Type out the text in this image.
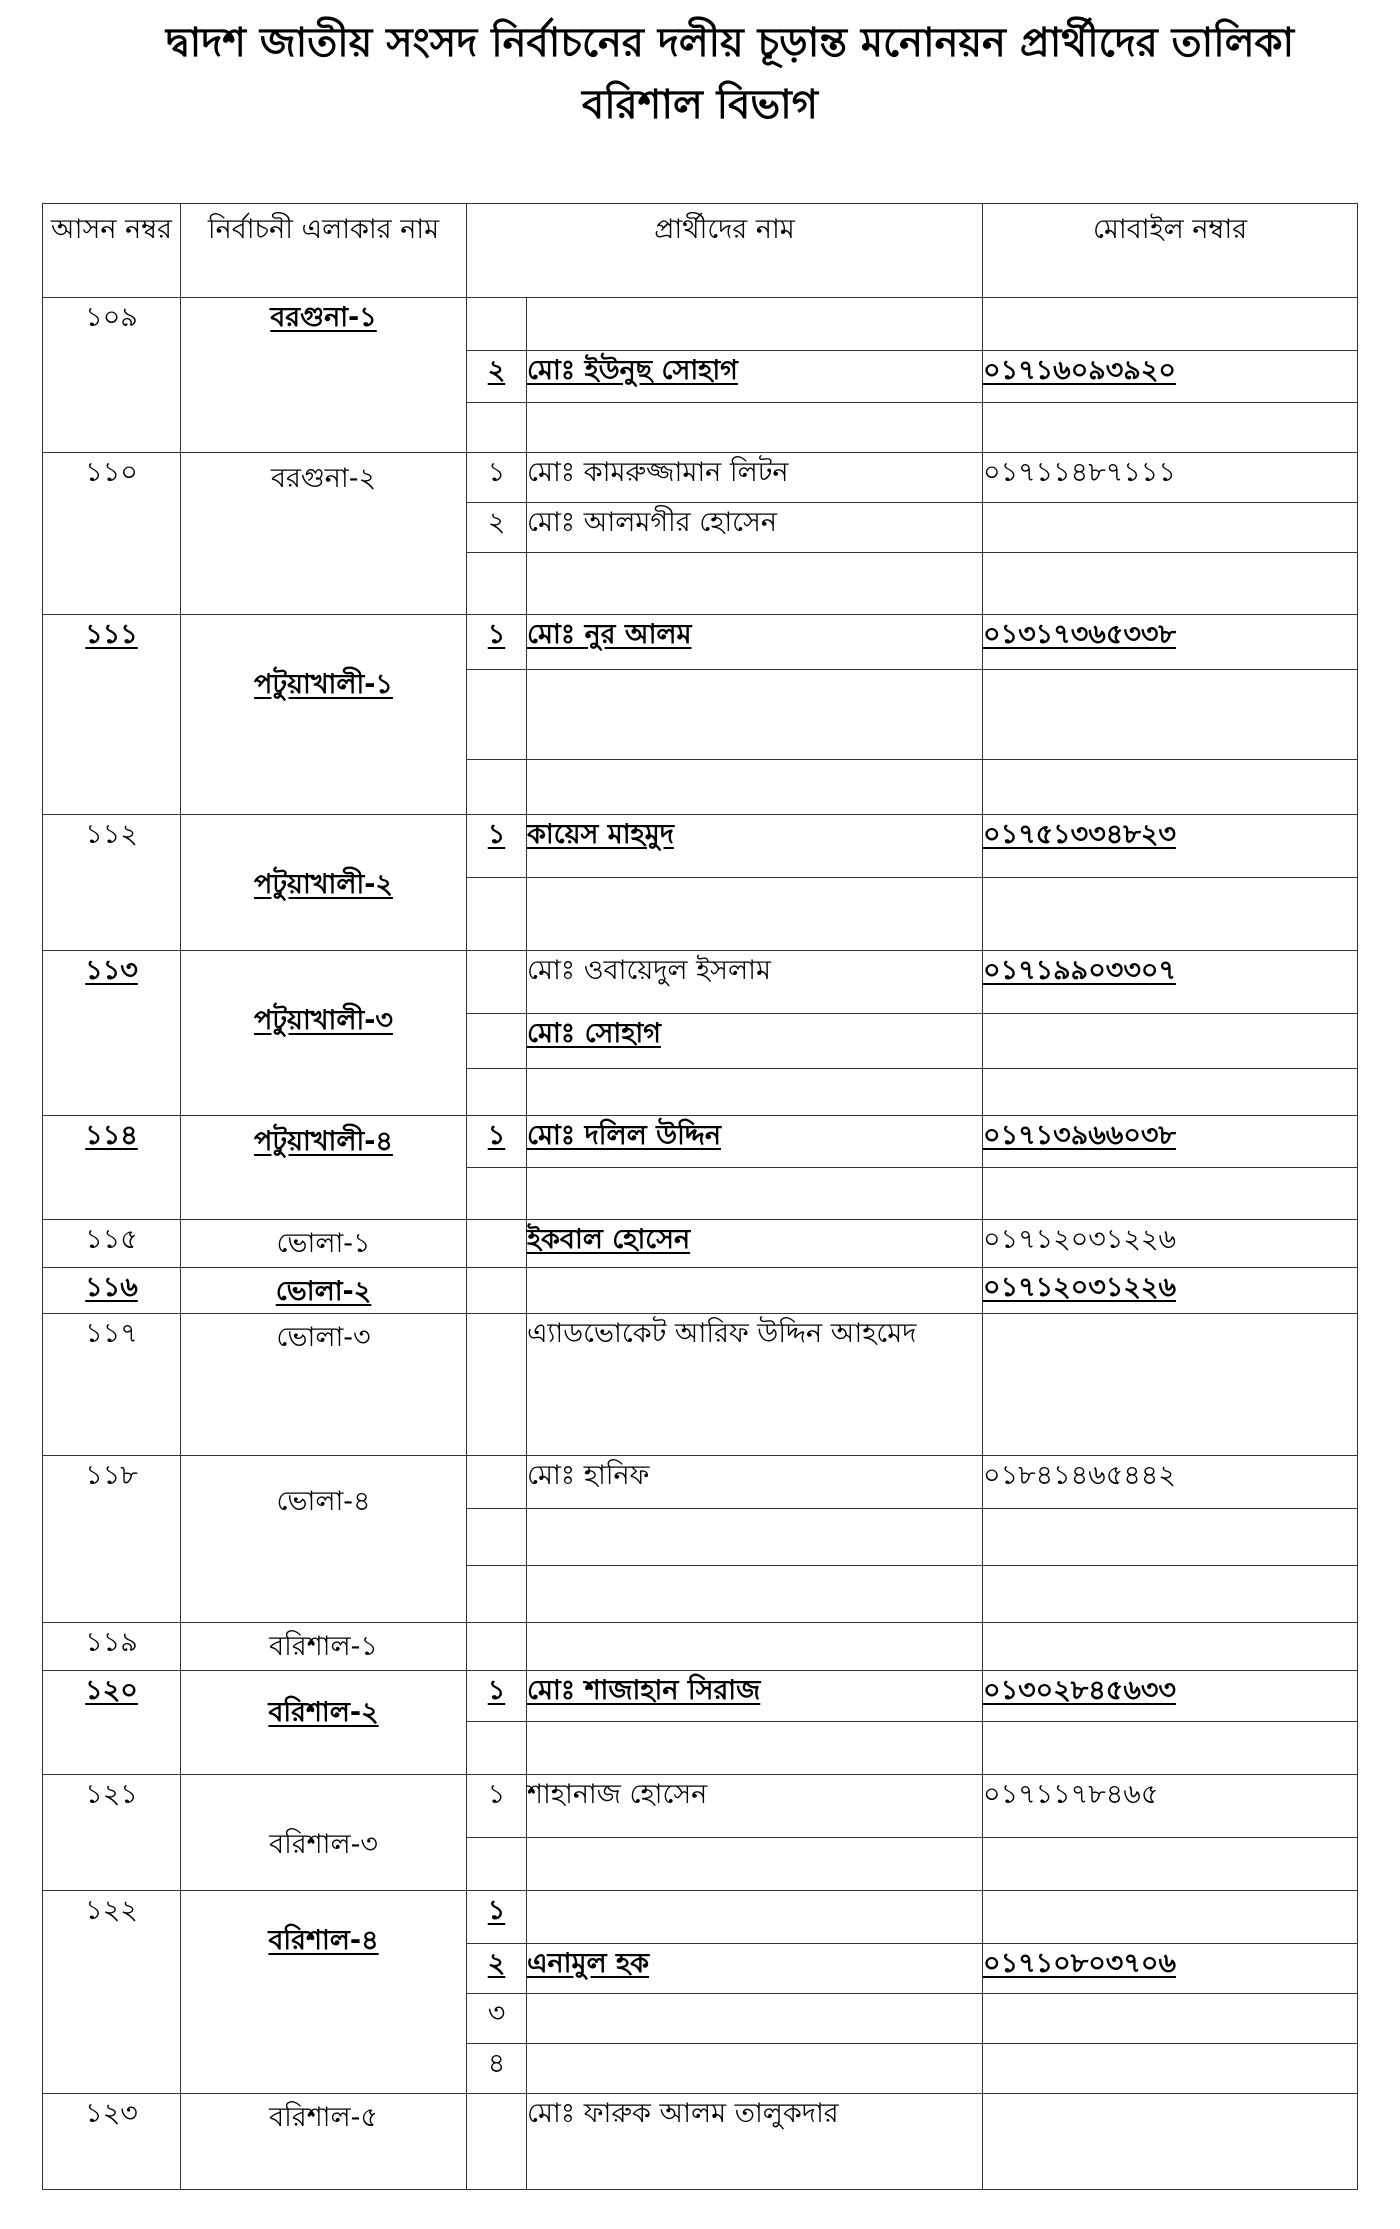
দ্বাদশ জাতীয় সংসদ নির্বাচনের দলীয় চূড়ান্ত মনোনয়ন প্রার্থীদের তালিকা
বরিশাল বিভাগ
আসন নম্বর	নির্বাচনী এলাকার নাম	প্রার্থীদের নাম		মোবাইল নম্বার
১০৯	বরগুনা-১			
		২	মোঃ ইউনুছ সোহাগ	০১৭১৬০৯৩৯২০

১১০	বরগুনা-২	১	মোঃ কামরুজ্জামান লিটন	০১৭১১৪৮৭১১১
		২	মোঃ আলমগীর হোসেন	

১১১	পটুয়াখালী-১	১	মোঃ নুর আলম	০১৩১৭৩৬৫৩৩৮

১১২	পটুয়াখালী-২	১	কায়েস মাহমুদ	০১৭৫১৩৩৪৮২৩

১১৩	পটুয়াখালী-৩		মোঃ ওবায়েদুল ইসলাম	০১৭১৯৯০৩৩০৭
			মোঃ সোহাগ	

১১৪	পটুয়াখালী-৪	১	মোঃ দলিল উদ্দিন	০১৭১৩৯৬৬০৩৮

১১৫	ভোলা-১		ইকবাল হোসেন	০১৭১২০৩১২২৬
১১৬	ভোলা-২			০১৭১২০৩১২২৬
১১৭	ভোলা-৩		এ্যাডভোকেট আরিফ উদ্দিন আহমেদ	
১১৮	ভোলা-৪		মোঃ হানিফ	০১৮৪১৪৬৫৪৪২

১১৯	বরিশাল-১			
১২০	বরিশাল-২	১	মোঃ শাজাহান সিরাজ	০১৩০২৮৪৫৬৩৩

১২১	বরিশাল-৩	১	শাহানাজ হোসেন	০১৭১১৭৮৪৬৫

১২২	বরিশাল-৪	১		
		২	এনামুল হক	০১৭১০৮০৩৭০৬
		৩		
		৪		
১২৩	বরিশাল-৫		মোঃ ফারুক আলম তালুকদার	
